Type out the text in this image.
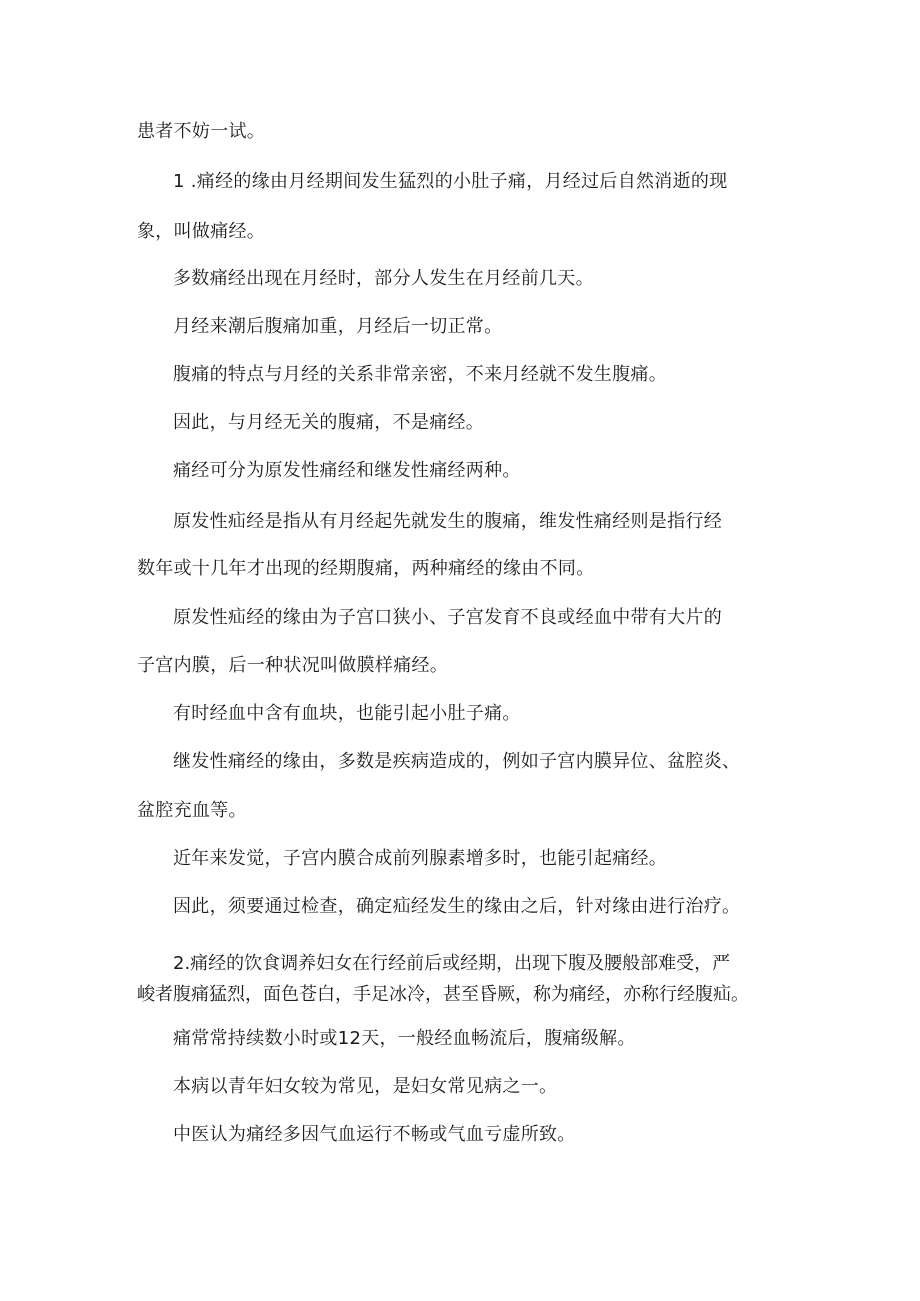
患者不妨一试。
1 .痛经的缘由月经期间发生猛烈的小肚子痛，月经过后自然消逝的现
象，叫做痛经。
多数痛经出现在月经时，部分人发生在月经前几天。
月经来潮后腹痛加重，月经后一切正常。
腹痛的特点与月经的关系非常亲密，不来月经就不发生腹痛。
因此，与月经无关的腹痛，不是痛经。
痛经可分为原发性痛经和继发性痛经两种。
原发性疝经是指从有月经起先就发生的腹痛，维发性痛经则是指行经
数年或十几年才出现的经期腹痛，两种痛经的缘由不同。
原发性疝经的缘由为子宫口狭小、子宫发育不良或经血中带有大片的
子宫内膜，后一种状况叫做膜样痛经。
有时经血中含有血块，也能引起小肚子痛。
继发性痛经的缘由，多数是疾病造成的，例如子宫内膜异位、盆腔炎、
盆腔充血等。
近年来发觉，子宫内膜合成前列腺素增多时，也能引起痛经。
因此，须要通过检查，确定疝经发生的缘由之后，针对缘由进行治疗。
2.痛经的饮食调养妇女在行经前后或经期，出现下腹及腰般部难受，严
峻者腹痛猛烈，面色苍白，手足冰冷，甚至昏厥，称为痛经，亦称行经腹疝。
痛常常持续数小时或12天，一般经血畅流后，腹痛级解。
本病以青年妇女较为常见，是妇女常见病之一。
中医认为痛经多因气血运行不畅或气血亏虚所致。
